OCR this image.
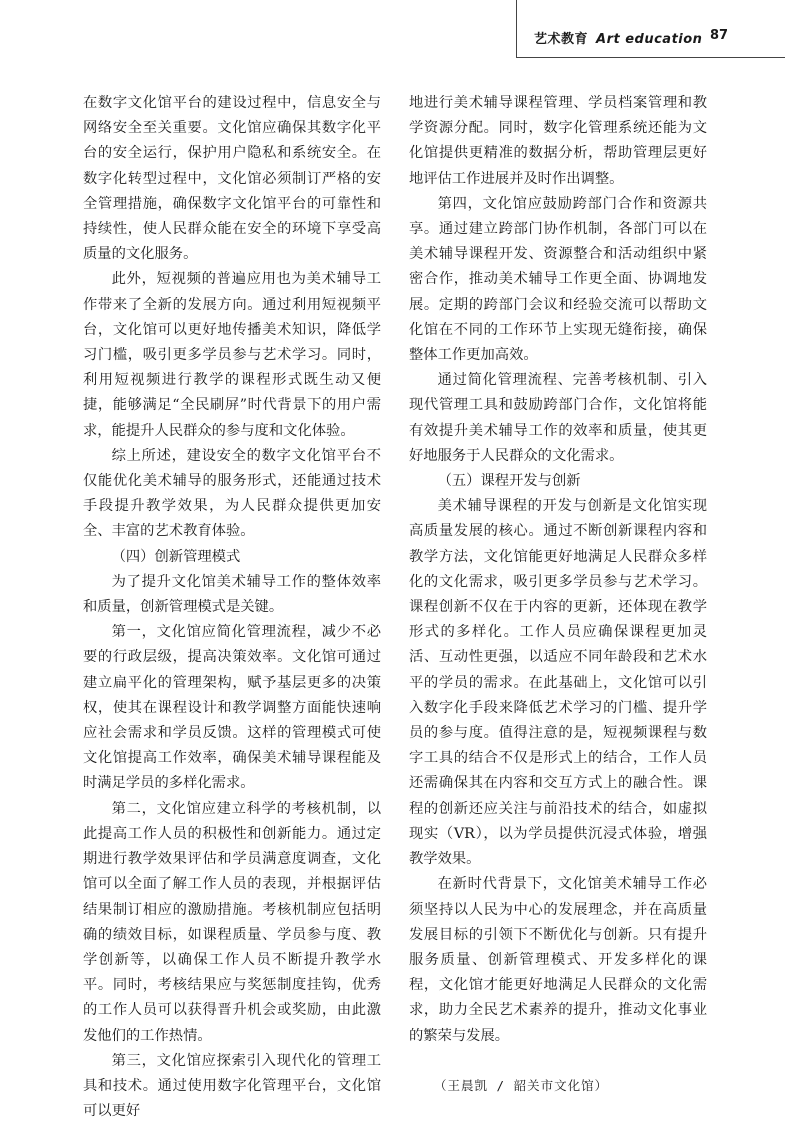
艺术教育 Art education 87

在数字文化馆平台的建设过程中，信息安全与网络安全至关重要。文化馆应确保其数字化平台的安全运行，保护用户隐私和系统安全。在数字化转型过程中，文化馆必须制订严格的安全管理措施，确保数字文化馆平台的可靠性和持续性，使人民群众能在安全的环境下享受高质量的文化服务。

此外，短视频的普遍应用也为美术辅导工作带来了全新的发展方向。通过利用短视频平台，文化馆可以更好地传播美术知识，降低学习门槛，吸引更多学员参与艺术学习。同时，利用短视频进行教学的课程形式既生动又便捷，能够满足“全民刷屏”时代背景下的用户需求，能提升人民群众的参与度和文化体验。

综上所述，建设安全的数字文化馆平台不仅能优化美术辅导的服务形式，还能通过技术手段提升教学效果，为人民群众提供更加安全、丰富的艺术教育体验。

（四）创新管理模式

为了提升文化馆美术辅导工作的整体效率和质量，创新管理模式是关键。

第一，文化馆应简化管理流程，减少不必要的行政层级，提高决策效率。文化馆可通过建立扁平化的管理架构，赋予基层更多的决策权，使其在课程设计和教学调整方面能快速响应社会需求和学员反馈。这样的管理模式可使文化馆提高工作效率，确保美术辅导课程能及时满足学员的多样化需求。

第二，文化馆应建立科学的考核机制，以此提高工作人员的积极性和创新能力。通过定期进行教学效果评估和学员满意度调查，文化馆可以全面了解工作人员的表现，并根据评估结果制订相应的激励措施。考核机制应包括明确的绩效目标，如课程质量、学员参与度、教学创新等，以确保工作人员不断提升教学水平。同时，考核结果应与奖惩制度挂钩，优秀的工作人员可以获得晋升机会或奖励，由此激发他们的工作热情。

第三，文化馆应探索引入现代化的管理工具和技术。通过使用数字化管理平台，文化馆可以更好

地进行美术辅导课程管理、学员档案管理和教学资源分配。同时，数字化管理系统还能为文化馆提供更精准的数据分析，帮助管理层更好地评估工作进展并及时作出调整。

第四，文化馆应鼓励跨部门合作和资源共享。通过建立跨部门协作机制，各部门可以在美术辅导课程开发、资源整合和活动组织中紧密合作，推动美术辅导工作更全面、协调地发展。定期的跨部门会议和经验交流可以帮助文化馆在不同的工作环节上实现无缝衔接，确保整体工作更加高效。

通过简化管理流程、完善考核机制、引入现代管理工具和鼓励跨部门合作，文化馆将能有效提升美术辅导工作的效率和质量，使其更好地服务于人民群众的文化需求。

（五）课程开发与创新

美术辅导课程的开发与创新是文化馆实现高质量发展的核心。通过不断创新课程内容和教学方法，文化馆能更好地满足人民群众多样化的文化需求，吸引更多学员参与艺术学习。课程创新不仅在于内容的更新，还体现在教学形式的多样化。工作人员应确保课程更加灵活、互动性更强，以适应不同年龄段和艺术水平的学员的需求。在此基础上，文化馆可以引入数字化手段来降低艺术学习的门槛、提升学员的参与度。值得注意的是，短视频课程与数字工具的结合不仅是形式上的结合，工作人员还需确保其在内容和交互方式上的融合性。课程的创新还应关注与前沿技术的结合，如虚拟现实（VR），以为学员提供沉浸式体验，增强教学效果。

在新时代背景下，文化馆美术辅导工作必须坚持以人民为中心的发展理念，并在高质量发展目标的引领下不断优化与创新。只有提升服务质量、创新管理模式、开发多样化的课程，文化馆才能更好地满足人民群众的文化需求，助力全民艺术素养的提升，推动文化事业的繁荣与发展。

（王晨凯 / 韶关市文化馆）
